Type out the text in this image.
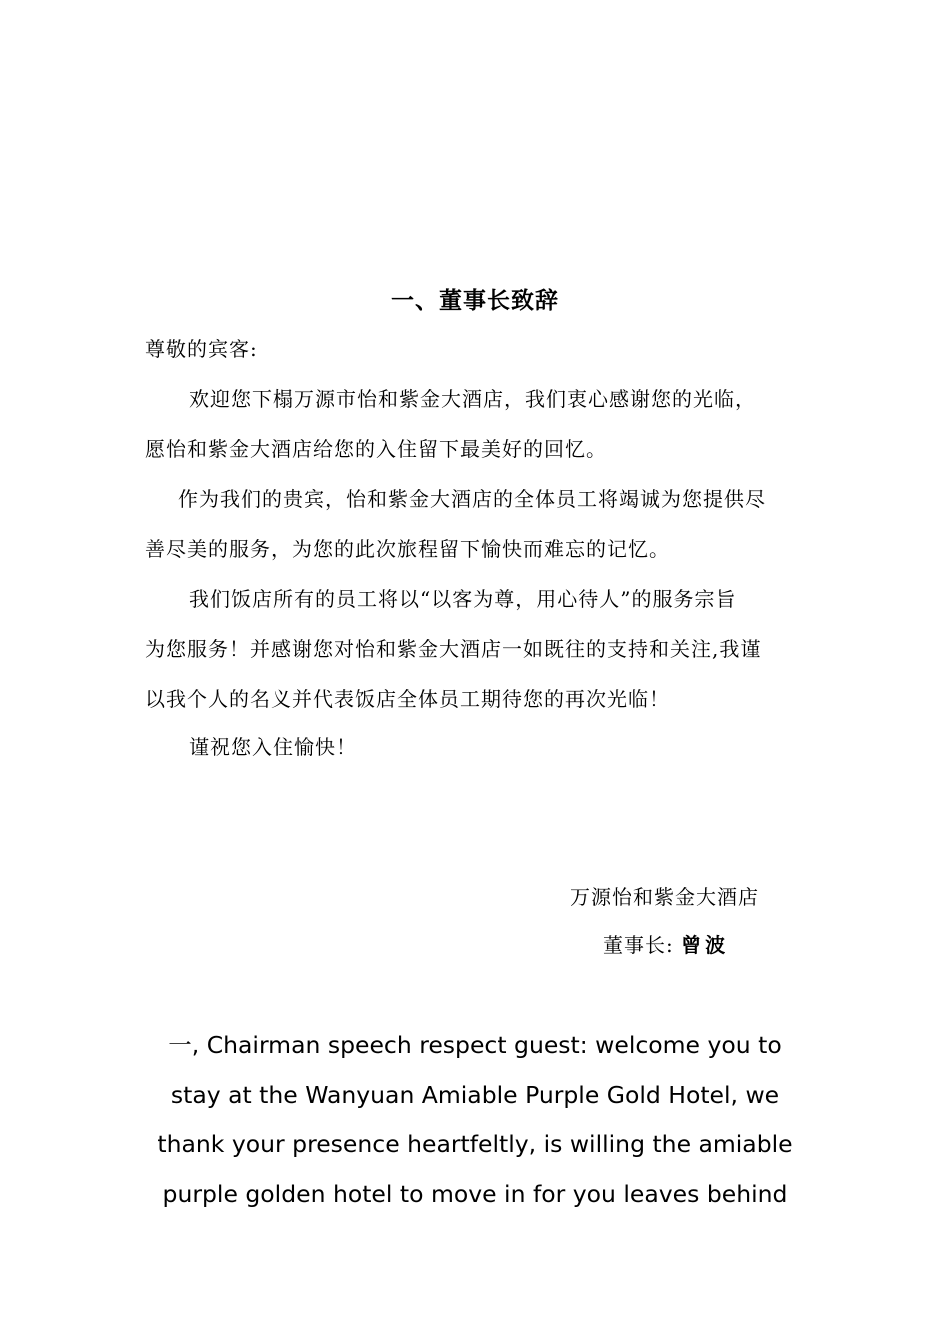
一、董事长致辞
尊敬的宾客:
欢迎您下榻万源市怡和紫金大酒店，我们衷心感谢您的光临，
愿怡和紫金大酒店给您的入住留下最美好的回忆。
作为我们的贵宾，怡和紫金大酒店的全体员工将竭诚为您提供尽
善尽美的服务，为您的此次旅程留下愉快而难忘的记忆。
我们饭店所有的员工将以“以客为尊，用心待人”的服务宗旨
为您服务！并感谢您对怡和紫金大酒店一如既往的支持和关注,我谨
以我个人的名义并代表饭店全体员工期待您的再次光临！
谨祝您入住愉快！
万源怡和紫金大酒店
董事长: 曾波
一, Chairman speech respect guest: welcome you to
stay at the Wanyuan Amiable Purple Gold Hotel, we
thank your presence heartfeltly, is willing the amiable
purple golden hotel to move in for you leaves behind
